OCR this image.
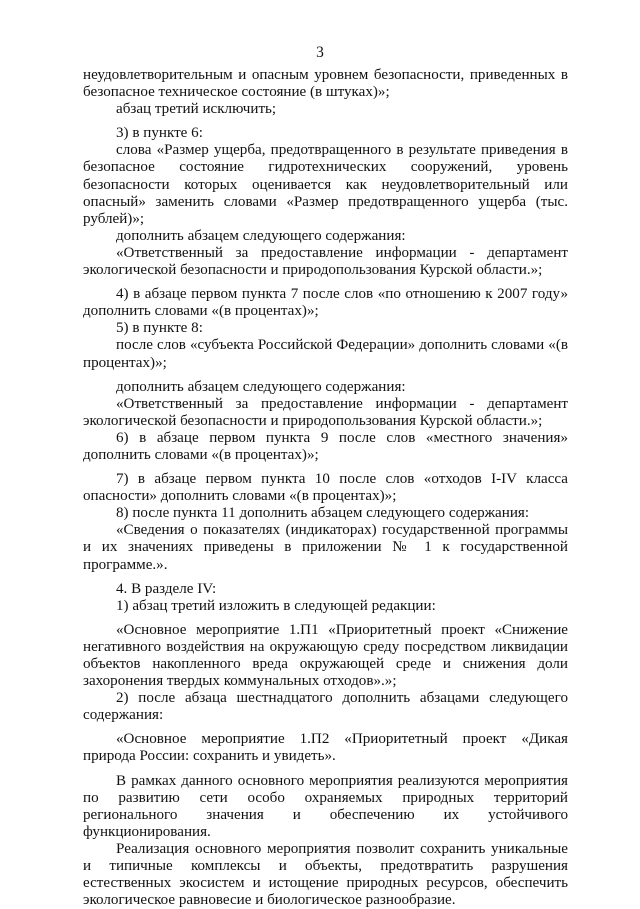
3

неудовлетворительным и опасным уровнем безопасности, приведенных в безопасное техническое состояние (в штуках)»;

абзац третий исключить;

3) в пункте 6:

слова «Размер ущерба, предотвращенного в результате приведения в безопасное состояние гидротехнических сооружений, уровень безопасности которых оценивается как неудовлетворительный или опасный» заменить словами «Размер предотвращенного ущерба (тыс. рублей)»;

дополнить абзацем следующего содержания:

«Ответственный за предоставление информации - департамент экологической безопасности и природопользования Курской области.»;

4) в абзаце первом пункта 7 после слов «по отношению к 2007 году» дополнить словами «(в процентах)»;

5) в пункте 8:

после слов «субъекта Российской Федерации» дополнить словами «(в процентах)»;

дополнить абзацем следующего содержания:

«Ответственный за предоставление информации - департамент экологической безопасности и природопользования Курской области.»;

6) в абзаце первом пункта 9 после слов «местного значения» дополнить словами «(в процентах)»;

7) в абзаце первом пункта 10 после слов «отходов I-IV класса опасности» дополнить словами «(в процентах)»;

8) после пункта 11 дополнить абзацем следующего содержания:

«Сведения о показателях (индикаторах) государственной программы и их значениях приведены в приложении № 1 к государственной программе.».

4. В разделе IV:

1) абзац третий изложить в следующей редакции:

«Основное мероприятие 1.П1 «Приоритетный проект «Снижение негативного воздействия на окружающую среду посредством ликвидации объектов накопленного вреда окружающей среде и снижения доли захоронения твердых коммунальных отходов».»;

2) после абзаца шестнадцатого дополнить абзацами следующего содержания:

«Основное мероприятие 1.П2 «Приоритетный проект «Дикая природа России: сохранить и увидеть».

В рамках данного основного мероприятия реализуются мероприятия по развитию сети особо охраняемых природных территорий регионального значения и обеспечению их устойчивого функционирования.

Реализация основного мероприятия позволит сохранить уникальные и типичные комплексы и объекты, предотвратить разрушения естественных экосистем и истощение природных ресурсов, обеспечить экологическое равновесие и биологическое разнообразие.
